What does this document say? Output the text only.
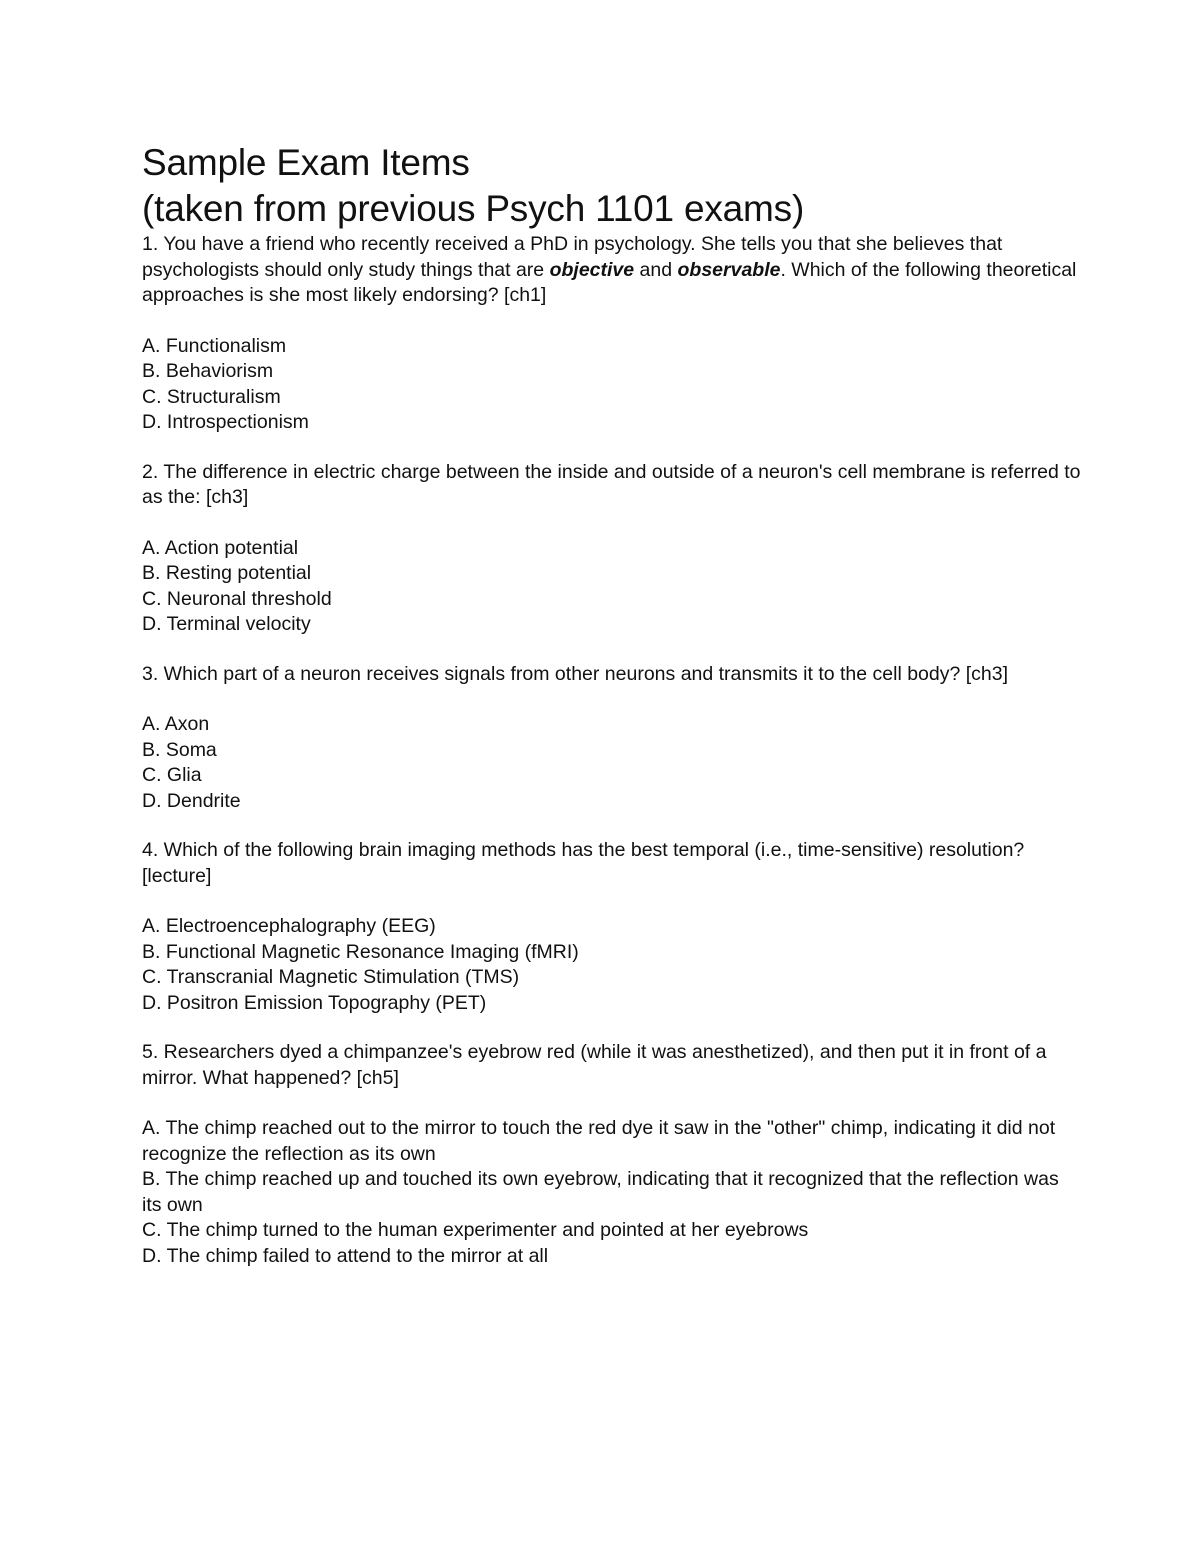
Sample Exam Items
(taken from previous Psych 1101 exams)

1. You have a friend who recently received a PhD in psychology. She tells you that she believes that psychologists should only study things that are objective and observable. Which of the following theoretical approaches is she most likely endorsing? [ch1]

A. Functionalism
B. Behaviorism
C. Structuralism
D. Introspectionism

2. The difference in electric charge between the inside and outside of a neuron's cell membrane is referred to as the: [ch3]

A. Action potential
B. Resting potential
C. Neuronal threshold
D. Terminal velocity

3. Which part of a neuron receives signals from other neurons and transmits it to the cell body? [ch3]

A. Axon
B. Soma
C. Glia
D. Dendrite

4. Which of the following brain imaging methods has the best temporal (i.e., time-sensitive) resolution? [lecture]

A. Electroencephalography (EEG)
B. Functional Magnetic Resonance Imaging (fMRI)
C. Transcranial Magnetic Stimulation (TMS)
D. Positron Emission Topography (PET)

5. Researchers dyed a chimpanzee's eyebrow red (while it was anesthetized), and then put it in front of a mirror. What happened? [ch5]

A. The chimp reached out to the mirror to touch the red dye it saw in the "other" chimp, indicating it did not recognize the reflection as its own
B. The chimp reached up and touched its own eyebrow, indicating that it recognized that the reflection was its own
C. The chimp turned to the human experimenter and pointed at her eyebrows
D. The chimp failed to attend to the mirror at all
